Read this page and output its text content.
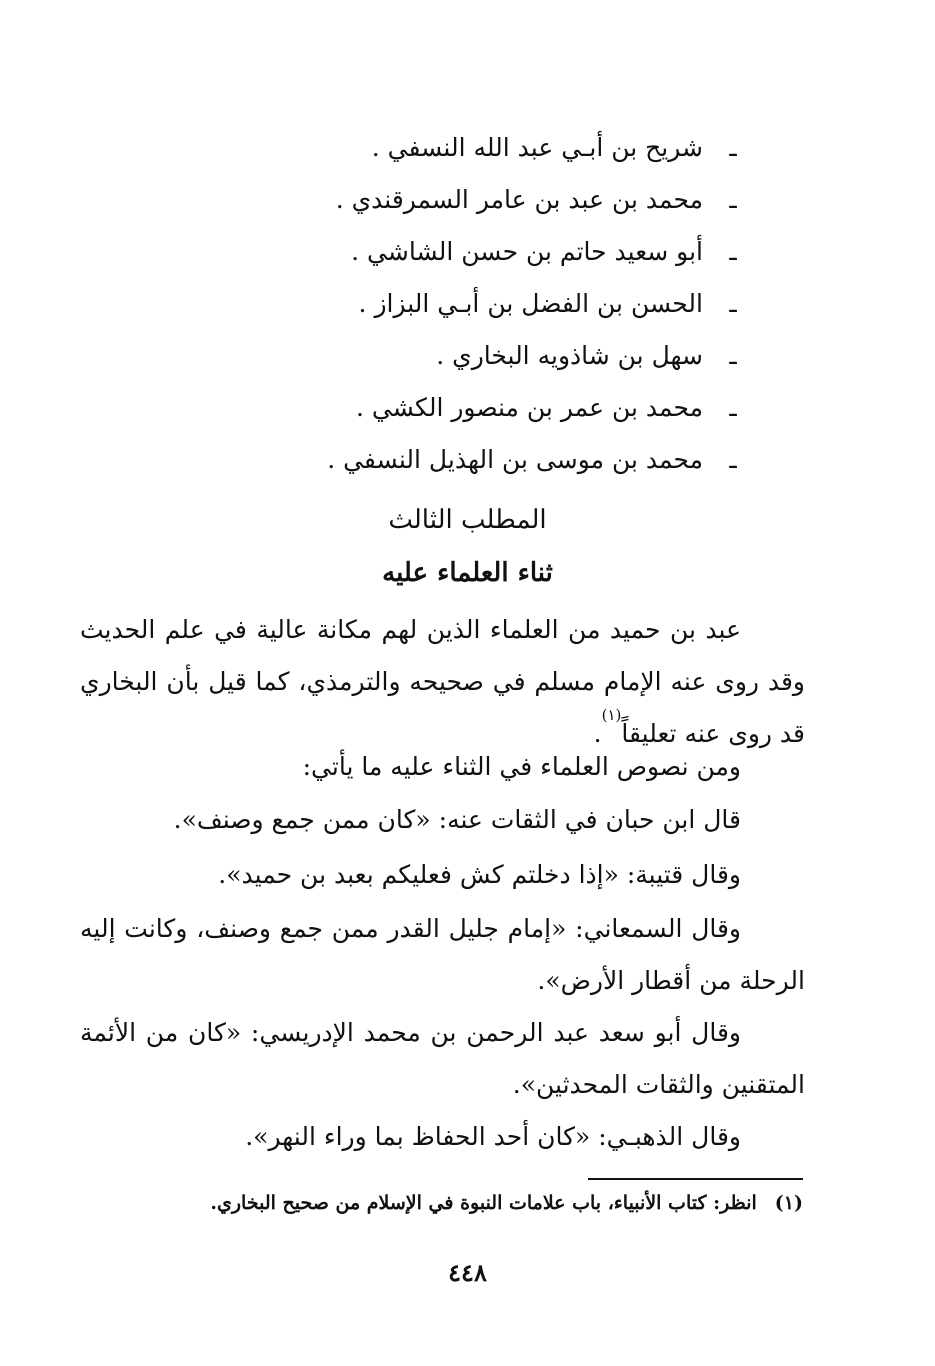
ـشريح بن أبـي عبد الله النسفي .
ـمحمد بن عبد بن عامر السمرقندي .
ـأبو سعيد حاتم بن حسن الشاشي .
ـالحسن بن الفضل بن أبـي البزاز .
ـسهل بن شاذويه البخاري .
ـمحمد بن عمر بن منصور الكشي .
ـمحمد بن موسى بن الهذيل النسفي .
المطلب الثالث
ثناء العلماء عليه
عبد بن حميد من العلماء الذين لهم مكانة عالية في علم الحديث وقد روى عنه الإمام مسلم في صحيحه والترمذي، كما قيل بأن البخاري قد روى عنه تعليقاً$^{(١)}$.
ومن نصوص العلماء في الثناء عليه ما يأتي:
قال ابن حبان في الثقات عنه: «كان ممن جمع وصنف».
وقال قتيبة: «إذا دخلتم كش فعليكم بعبد بن حميد».
وقال السمعاني: «إمام جليل القدر ممن جمع وصنف، وكانت إليه الرحلة من أقطار الأرض».
وقال أبو سعد عبد الرحمن بن محمد الإدريسي: «كان من الأئمة المتقنين والثقات المحدثين».
وقال الذهبـي: «كان أحد الحفاظ بما وراء النهر».
(١)انظر: كتاب الأنبياء، باب علامات النبوة في الإسلام من صحيح البخاري.
٤٤٨
